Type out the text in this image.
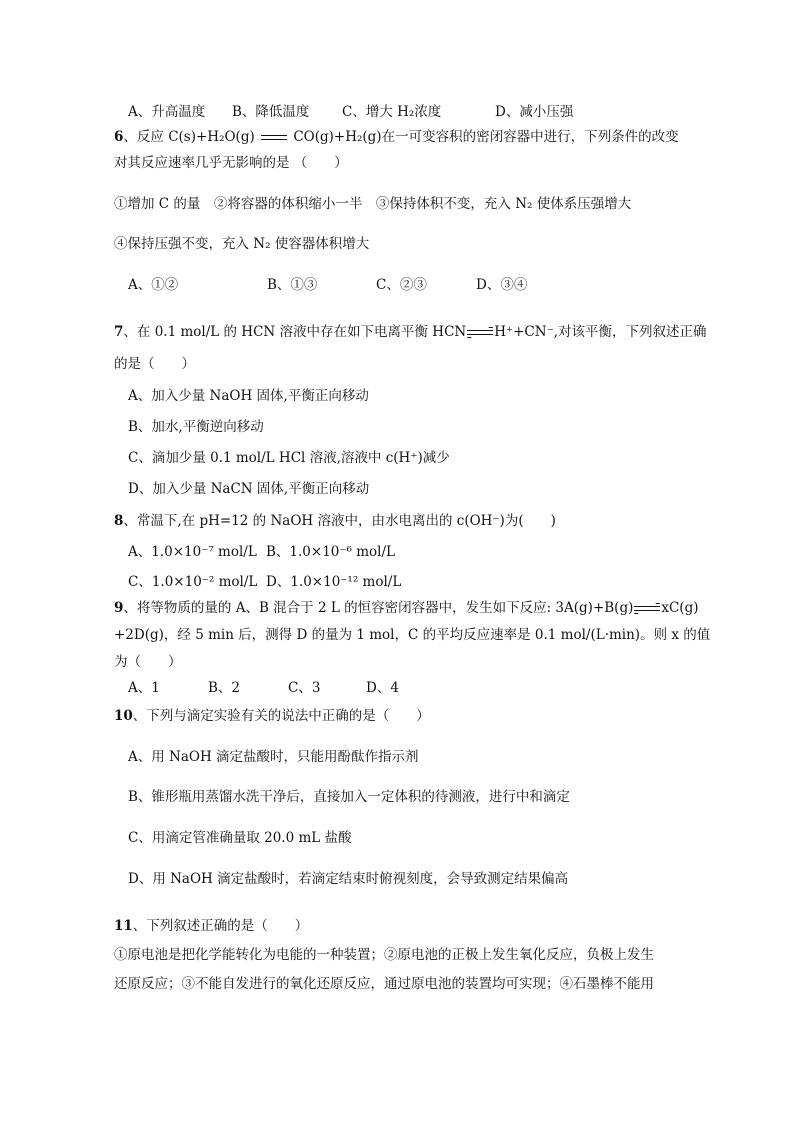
A、升高温度 B、降低温度 C、增大 H₂浓度	D、减小压强
6、反应 C(s)+H₂O(g)  CO(g)+H₂(g)在一可变容积的密闭容器中进行，下列条件的改变
对其反应速率几乎无影响的是 （　　）
①增加 C 的量　②将容器的体积缩小一半　③保持体积不变，充入 N₂ 使体系压强增大
④保持压强不变，充入 N₂ 使容器体积增大
A、①②	B、①③	C、②③	D、③④
7、在 0.1 mol/L 的 HCN 溶液中存在如下电离平衡 HCN→H⁺+CN⁻,对该平衡，下列叙述正确
的是（　　）
A、加入少量 NaOH 固体,平衡正向移动
B、加水,平衡逆向移动
C、滴加少量 0.1 mol/L HCl 溶液,溶液中 c(H⁺)减少
D、加入少量 NaCN 固体,平衡正向移动
8、常温下,在 pH=12 的 NaOH 溶液中，由水电离出的 c(OH⁻)为(　　)
A、1.0×10⁻⁷ mol/L B、1.0×10⁻⁶ mol/L
C、1.0×10⁻² mol/L D、1.0×10⁻¹² mol/L
9、将等物质的量的 A、B 混合于 2 L 的恒容密闭容器中，发生如下反应: 3A(g)+B(g)→xC(g)
+2D(g)，经 5 min 后，测得 D 的量为 1 mol，C 的平均反应速率是 0.1 mol/(L·min)。则 x 的值
为（　　）
A、1	B、2	C、3	D、4
10、下列与滴定实验有关的说法中正确的是（　　）
A、用 NaOH 滴定盐酸时，只能用酚酞作指示剂
B、锥形瓶用蒸馏水洗干净后，直接加入一定体积的待测液，进行中和滴定
C、用滴定管准确量取 20.0 mL 盐酸
D、用 NaOH 滴定盐酸时，若滴定结束时俯视刻度，会导致测定结果偏高
11、下列叙述正确的是（　　）
①原电池是把化学能转化为电能的一种装置；②原电池的正极上发生氧化反应，负极上发生
还原反应；③不能自发进行的氧化还原反应，通过原电池的装置均可实现；④石墨棒不能用
